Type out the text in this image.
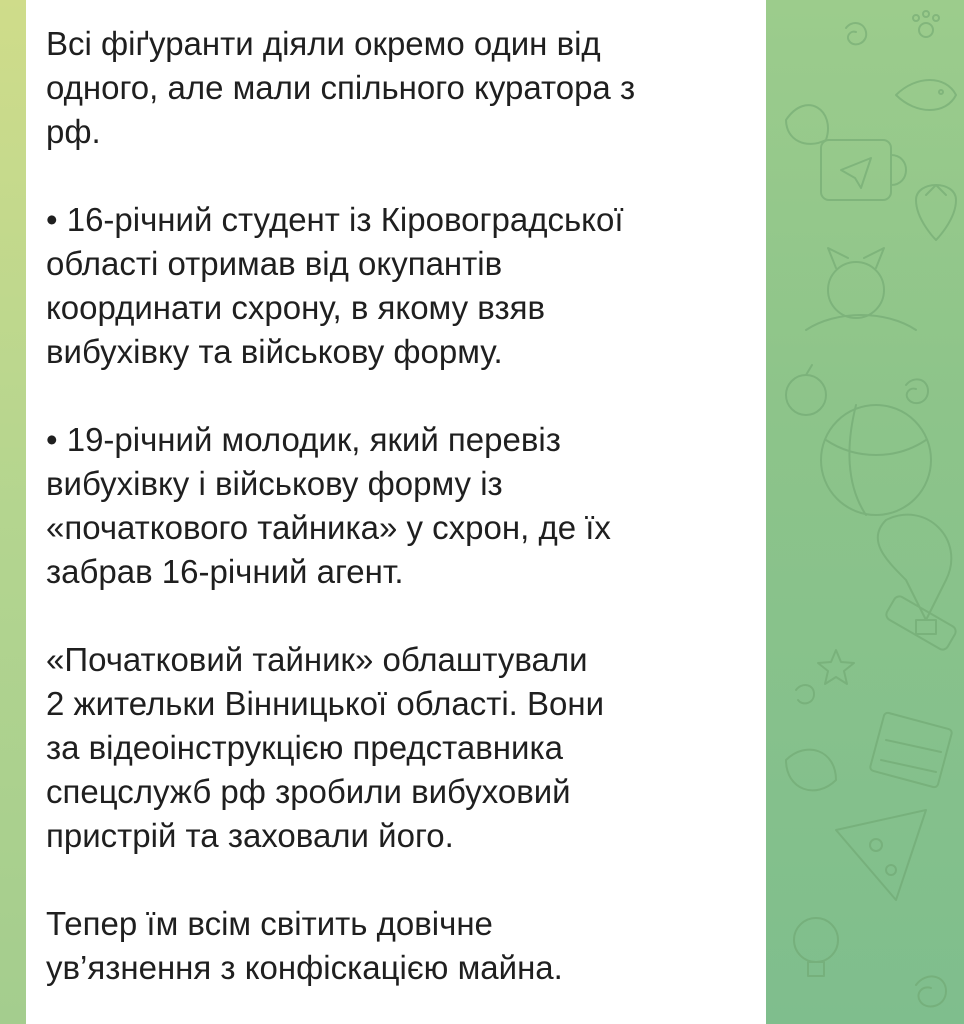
Всі фіґуранти діяли окремо один від
одного, але мали спільного куратора з
рф.

• 16-річний студент із Кіровоградської
області отримав від окупантів
координати схрону, в якому взяв
вибухівку та військову форму.

• 19-річний молодик, який перевіз
вибухівку і військову форму із
«початкового тайника» у схрон, де їх
забрав 16-річний агент.

«Початковий тайник» облаштували
2 жительки Вінницької області. Вони
за відеоінструкцією представника
спецслужб рф зробили вибуховий
пристрій та заховали його.

Тепер їм всім світить довічне
ув’язнення з конфіскацією майна.
